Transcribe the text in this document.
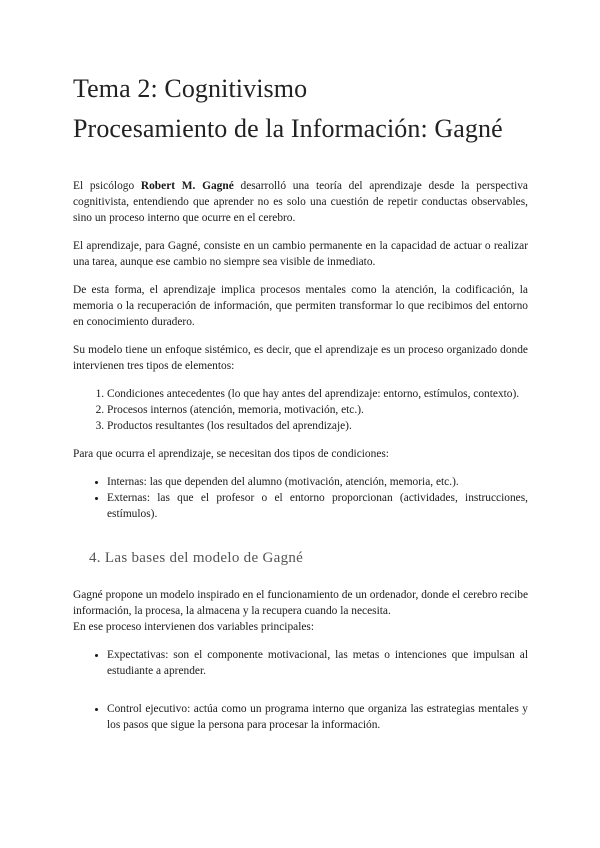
Tema 2: Cognitivismo
Procesamiento de la Información: Gagné

El psicólogo Robert M. Gagné desarrolló una teoría del aprendizaje desde la perspectiva cognitivista, entendiendo que aprender no es solo una cuestión de repetir conductas observables, sino un proceso interno que ocurre en el cerebro.

El aprendizaje, para Gagné, consiste en un cambio permanente en la capacidad de actuar o realizar una tarea, aunque ese cambio no siempre sea visible de inmediato.

De esta forma, el aprendizaje implica procesos mentales como la atención, la codificación, la memoria o la recuperación de información, que permiten transformar lo que recibimos del entorno en conocimiento duradero.

Su modelo tiene un enfoque sistémico, es decir, que el aprendizaje es un proceso organizado donde intervienen tres tipos de elementos:

1. Condiciones antecedentes (lo que hay antes del aprendizaje: entorno, estímulos, contexto).
2. Procesos internos (atención, memoria, motivación, etc.).
3. Productos resultantes (los resultados del aprendizaje).

Para que ocurra el aprendizaje, se necesitan dos tipos de condiciones:

• Internas: las que dependen del alumno (motivación, atención, memoria, etc.).
• Externas: las que el profesor o el entorno proporcionan (actividades, instrucciones, estímulos).
4. Las bases del modelo de Gagné

Gagné propone un modelo inspirado en el funcionamiento de un ordenador, donde el cerebro recibe información, la procesa, la almacena y la recupera cuando la necesita.

En ese proceso intervienen dos variables principales:

• Expectativas: son el componente motivacional, las metas o intenciones que impulsan al estudiante a aprender.
• Control ejecutivo: actúa como un programa interno que organiza las estrategias mentales y los pasos que sigue la persona para procesar la información.
